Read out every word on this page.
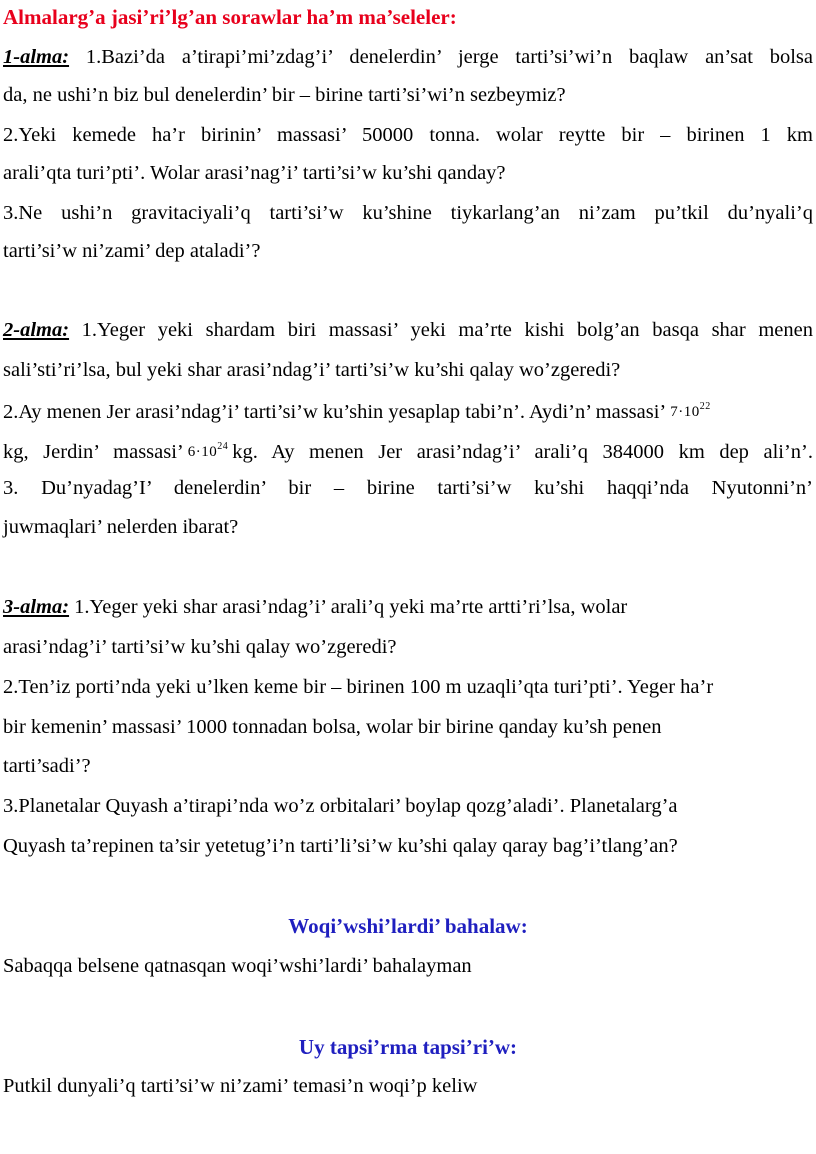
Almalarg’a jasi’ri’lg’an sorawlar ha’m ma’seleler:

1-alma: 1.Bazi’da a’tirapi’mi’zdag’i’ denelerdin’ jerge tarti’si’wi’n baqlaw an’sat bolsa

da, ne ushi’n biz bul denelerdin’ bir – birine tarti’si’wi’n sezbeymiz?

2.Yeki kemede ha’r birinin’ massasi’ 50000 tonna. wolar reytte bir – birinen 1 km

arali’qta turi’pti’. Wolar arasi’nag’i’ tarti’si’w ku’shi qanday?

3.Ne ushi’n gravitaciyali’q tarti’si’w ku’shine tiykarlang’an ni’zam pu’tkil du’nyali’q

tarti’si’w ni’zami’ dep ataladi’?

2-alma: 1.Yeger yeki shardam biri massasi’ yeki ma’rte kishi bolg’an basqa shar menen

sali’sti’ri’lsa, bul yeki shar arasi’ndag’i’ tarti’si’w ku’shi qalay wo’zgeredi?

2.Ay menen Jer arasi’ndag’i’ tarti’si’w ku’shin yesaplap tabi’n’. Aydi’n’ massasi’ $7\cdot 10^{22}$

kg, Jerdin’ massasi’ $6\cdot 10^{24}$ kg. Ay menen Jer arasi’ndag’i’ arali’q 384000 km dep ali’n’.

3. Du’nyadag’I’ denelerdin’ bir – birine tarti’si’w ku’shi haqqi’nda Nyutonni’n’

juwmaqlari’ nelerden ibarat?

3-alma: 1.Yeger yeki shar arasi’ndag’i’ arali’q yeki ma’rte artti’ri’lsa, wolar

arasi’ndag’i’ tarti’si’w ku’shi qalay wo’zgeredi?

2.Ten’iz porti’nda yeki u’lken keme bir – birinen 100 m uzaqli’qta turi’pti’. Yeger ha’r

bir kemenin’ massasi’ 1000 tonnadan bolsa, wolar bir birine qanday ku’sh penen

tarti’sadi’?

3.Planetalar Quyash a’tirapi’nda wo’z orbitalari’ boylap qozg’aladi’. Planetalarg’a

Quyash ta’repinen ta’sir yetetug’i’n tarti’li’si’w ku’shi qalay qaray bag’i’tlang’an?

Woqi’wshi’lardi’ bahalaw:

Sabaqqa belsene qatnasqan woqi’wshi’lardi’ bahalayman

Uy tapsi’rma tapsi’ri’w:

Putkil dunyali’q tarti’si’w ni’zami’ temasi’n woqi’p keliw
